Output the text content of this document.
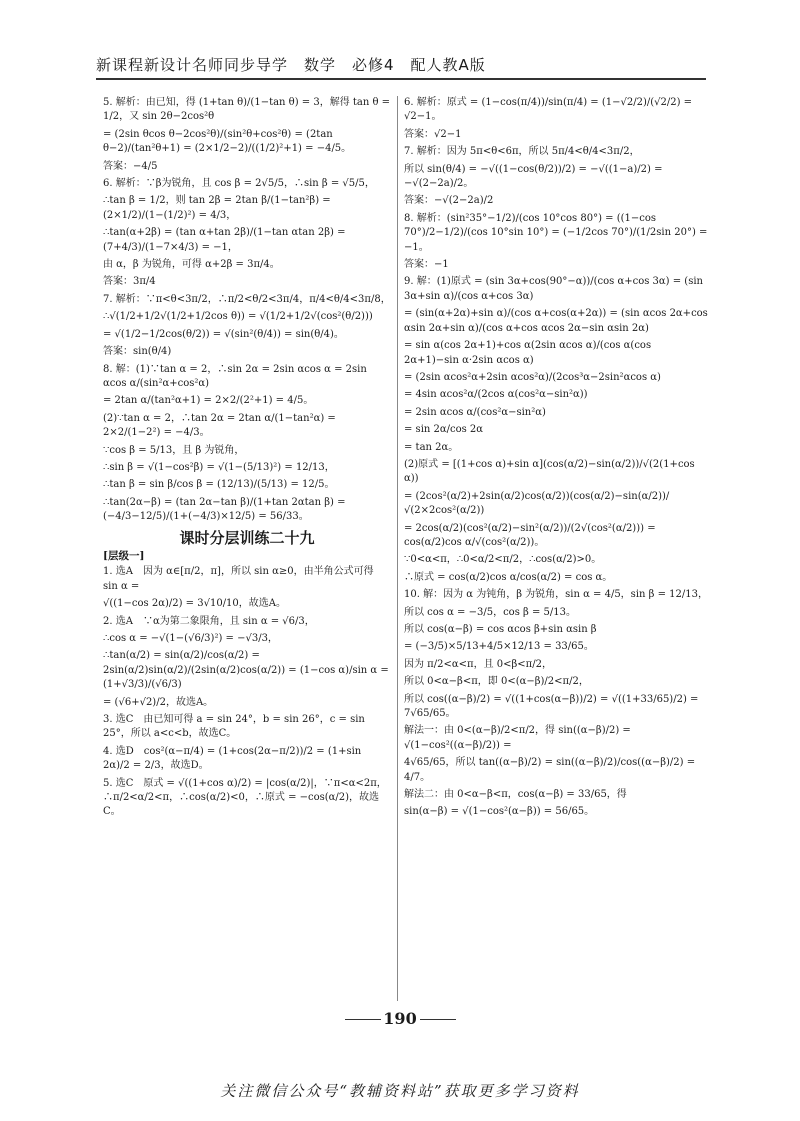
新课程新设计名师同步导学　数学　必修4　配人教A版
5. 解析：由已知，得 (1+tan θ)/(1−tan θ) = 3，解得 tan θ = 1/2，又 sin 2θ−2cos²θ
= (2sin θcos θ−2cos²θ)/(sin²θ+cos²θ) = (2tan θ−2)/(tan²θ+1) = (2×1/2−2)/((1/2)²+1) = −4/5。
答案：−4/5
6. 解析：∵β为锐角，且 cos β = 2√5/5，∴sin β = √5/5，
∴tan β = 1/2，则 tan 2β = 2tan β/(1−tan²β) = (2×1/2)/(1−(1/2)²) = 4/3，
∴tan(α+2β) = (tan α+tan 2β)/(1−tan αtan 2β) = (7+4/3)/(1−7×4/3) = −1，
由 α，β 为锐角，可得 α+2β = 3π/4。
答案：3π/4
7. 解析：∵π<θ<3π/2，∴π/2<θ/2<3π/4，π/4<θ/4<3π/8，
∴√(1/2+1/2√(1/2+1/2cos θ)) = √(1/2+1/2√(cos²(θ/2)))
= √(1/2−1/2cos(θ/2)) = √(sin²(θ/4)) = sin(θ/4)。
答案：sin(θ/4)
8. 解：(1)∵tan α = 2，∴sin 2α = 2sin αcos α = 2sin αcos α/(sin²α+cos²α)
= 2tan α/(tan²α+1) = 2×2/(2²+1) = 4/5。
(2)∵tan α = 2，∴tan 2α = 2tan α/(1−tan²α) = 2×2/(1−2²) = −4/3。
∵cos β = 5/13，且 β 为锐角，
∴sin β = √(1−cos²β) = √(1−(5/13)²) = 12/13，
∴tan β = sin β/cos β = (12/13)/(5/13) = 12/5。
∴tan(2α−β) = (tan 2α−tan β)/(1+tan 2αtan β) = (−4/3−12/5)/(1+(−4/3)×12/5) = 56/33。
课时分层训练二十九
[层级一]
1. 选A　因为 α∈[π/2，π]，所以 sin α≥0，由半角公式可得 sin α =
√((1−cos 2α)/2) = 3√10/10，故选A。
2. 选A　∵α为第二象限角，且 sin α = √6/3，
∴cos α = −√(1−(√6/3)²) = −√3/3，
∴tan(α/2) = sin(α/2)/cos(α/2) = 2sin(α/2)sin(α/2)/(2sin(α/2)cos(α/2)) = (1−cos α)/sin α = (1+√3/3)/(√6/3)
= (√6+√2)/2，故选A。
3. 选C　由已知可得 a = sin 24°，b = sin 26°，c = sin 25°，所以 a<c<b，故选C。
4. 选D　cos²(α−π/4) = (1+cos(2α−π/2))/2 = (1+sin 2α)/2 = 2/3，故选D。
5. 选C　原式 = √((1+cos α)/2) = |cos(α/2)|，∵π<α<2π，∴π/2<α/2<π，∴cos(α/2)<0，∴原式 = −cos(α/2)，故选C。
6. 解析：原式 = (1−cos(π/4))/sin(π/4) = (1−√2/2)/(√2/2) = √2−1。
答案：√2−1
7. 解析：因为 5π<θ<6π，所以 5π/4<θ/4<3π/2，
所以 sin(θ/4) = −√((1−cos(θ/2))/2) = −√((1−a)/2) = −√(2−2a)/2。
答案：−√(2−2a)/2
8. 解析：(sin²35°−1/2)/(cos 10°cos 80°) = ((1−cos 70°)/2−1/2)/(cos 10°sin 10°) = (−1/2cos 70°)/(1/2sin 20°) = −1。
答案：−1
9. 解：(1)原式 = (sin 3α+cos(90°−α))/(cos α+cos 3α) = (sin 3α+sin α)/(cos α+cos 3α)
= (sin(α+2α)+sin α)/(cos α+cos(α+2α)) = (sin αcos 2α+cos αsin 2α+sin α)/(cos α+cos αcos 2α−sin αsin 2α)
= sin α(cos 2α+1)+cos α(2sin αcos α)/(cos α(cos 2α+1)−sin α·2sin αcos α)
= (2sin αcos²α+2sin αcos²α)/(2cos³α−2sin²αcos α)
= 4sin αcos²α/(2cos α(cos²α−sin²α))
= 2sin αcos α/(cos²α−sin²α)
= sin 2α/cos 2α
= tan 2α。
(2)原式 = [(1+cos α)+sin α](cos(α/2)−sin(α/2))/√(2(1+cos α))
= (2cos²(α/2)+2sin(α/2)cos(α/2))(cos(α/2)−sin(α/2))/√(2×2cos²(α/2))
= 2cos(α/2)(cos²(α/2)−sin²(α/2))/(2√(cos²(α/2))) = cos(α/2)cos α/√(cos²(α/2))。
∵0<α<π，∴0<α/2<π/2，∴cos(α/2)>0。
∴原式 = cos(α/2)cos α/cos(α/2) = cos α。
10. 解：因为 α 为钝角，β 为锐角，sin α = 4/5，sin β = 12/13，
所以 cos α = −3/5，cos β = 5/13。
所以 cos(α−β) = cos αcos β+sin αsin β
= (−3/5)×5/13+4/5×12/13 = 33/65。
因为 π/2<α<π，且 0<β<π/2，
所以 0<α−β<π，即 0<(α−β)/2<π/2，
所以 cos((α−β)/2) = √((1+cos(α−β))/2) = √((1+33/65)/2) = 7√65/65。
解法一：由 0<(α−β)/2<π/2，得 sin((α−β)/2) = √(1−cos²((α−β)/2)) =
4√65/65，所以 tan((α−β)/2) = sin((α−β)/2)/cos((α−β)/2) = 4/7。
解法二：由 0<α−β<π，cos(α−β) = 33/65，得
sin(α−β) = √(1−cos²(α−β)) = 56/65。
190
关注微信公众号“教辅资料站”获取更多学习资料
